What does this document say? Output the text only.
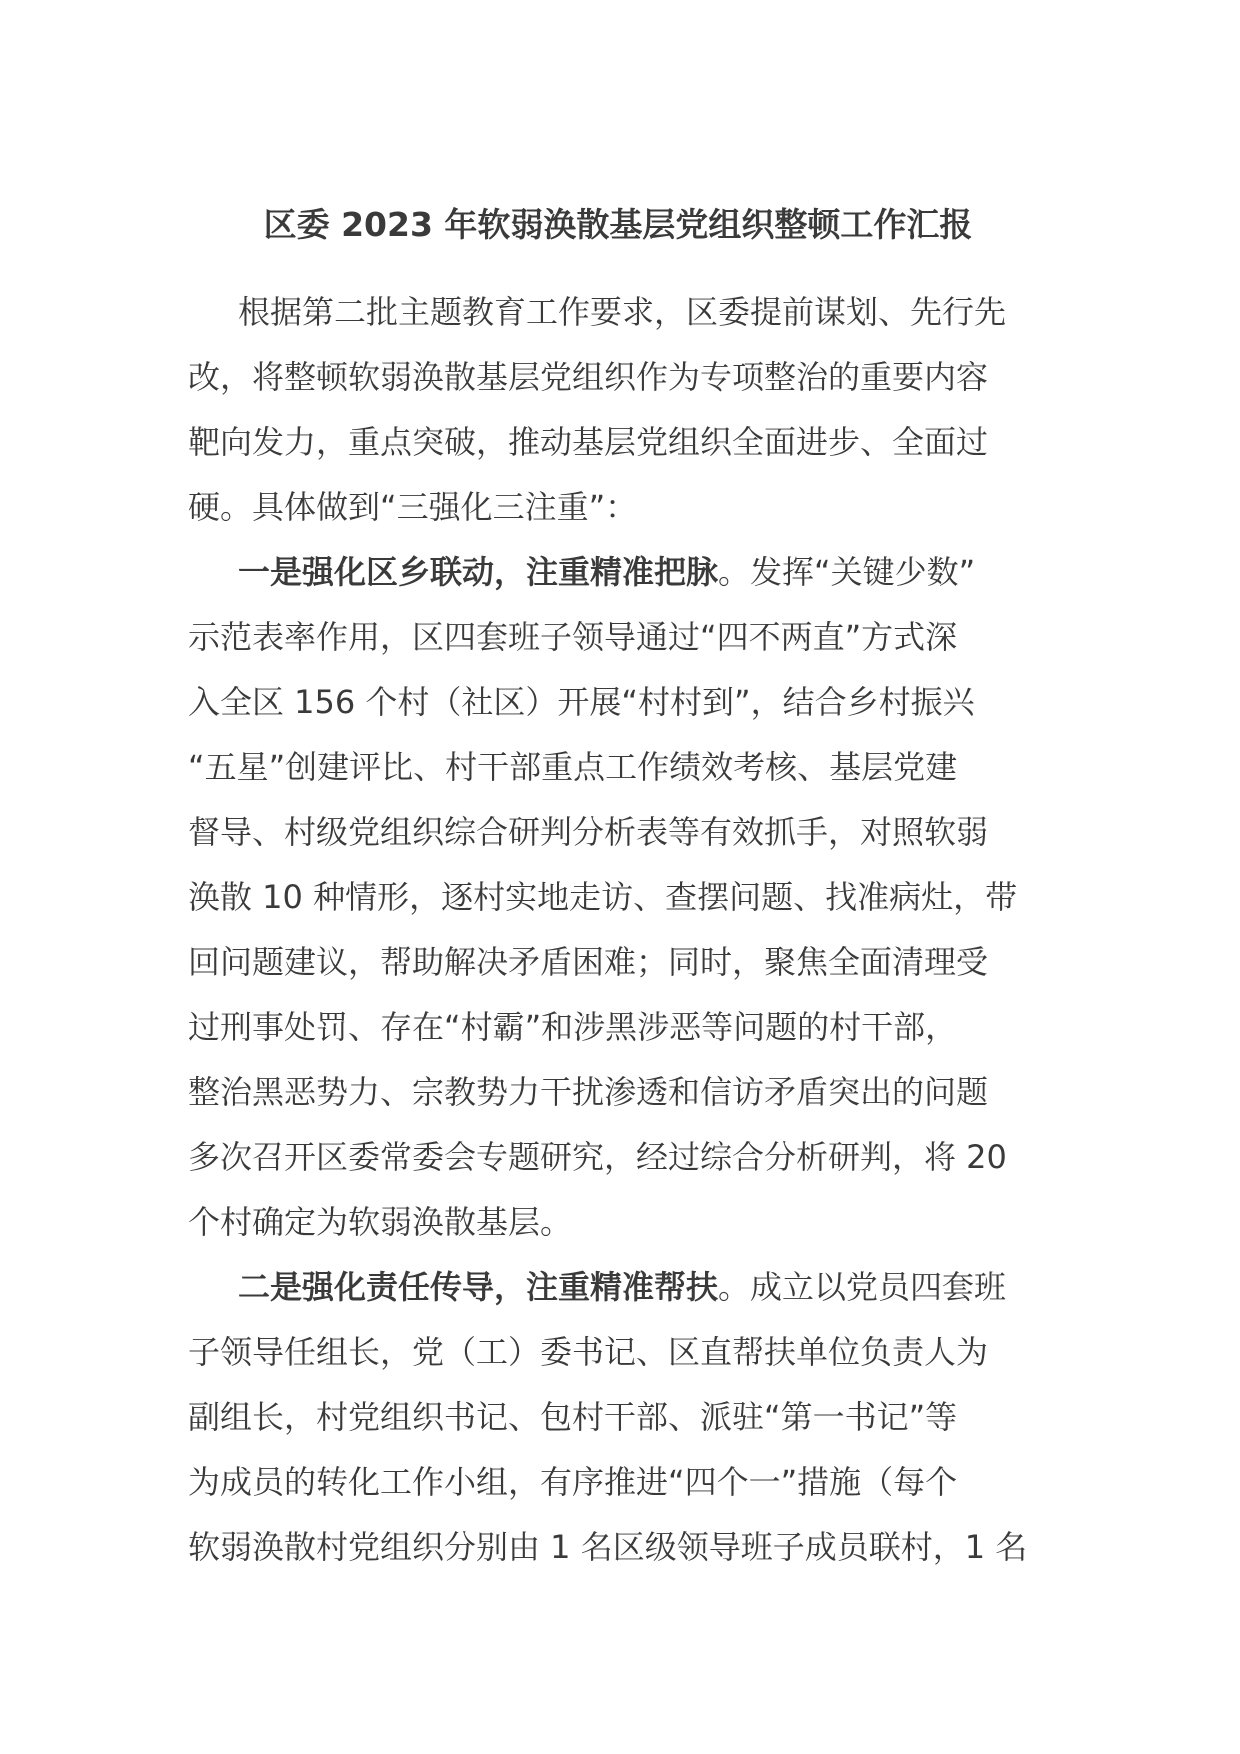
区委 2023 年软弱涣散基层党组织整顿工作汇报
根据第二批主题教育工作要求，区委提前谋划、先行先
改，将整顿软弱涣散基层党组织作为专项整治的重要内容
靶向发力，重点突破，推动基层党组织全面进步、全面过
硬。具体做到“三强化三注重”：
一是强化区乡联动，注重精准把脉。发挥“关键少数”
示范表率作用，区四套班子领导通过“四不两直”方式深
入全区 156 个村（社区）开展“村村到”，结合乡村振兴
“五星”创建评比、村干部重点工作绩效考核、基层党建
督导、村级党组织综合研判分析表等有效抓手，对照软弱
涣散 10 种情形，逐村实地走访、查摆问题、找准病灶，带
回问题建议，帮助解决矛盾困难；同时，聚焦全面清理受
过刑事处罚、存在“村霸”和涉黑涉恶等问题的村干部，
整治黑恶势力、宗教势力干扰渗透和信访矛盾突出的问题
多次召开区委常委会专题研究，经过综合分析研判，将 20
个村确定为软弱涣散基层。
二是强化责任传导，注重精准帮扶。成立以党员四套班
子领导任组长，党（工）委书记、区直帮扶单位负责人为
副组长，村党组织书记、包村干部、派驻“第一书记”等
为成员的转化工作小组，有序推进“四个一”措施（每个
软弱涣散村党组织分别由 1 名区级领导班子成员联村，1 名
